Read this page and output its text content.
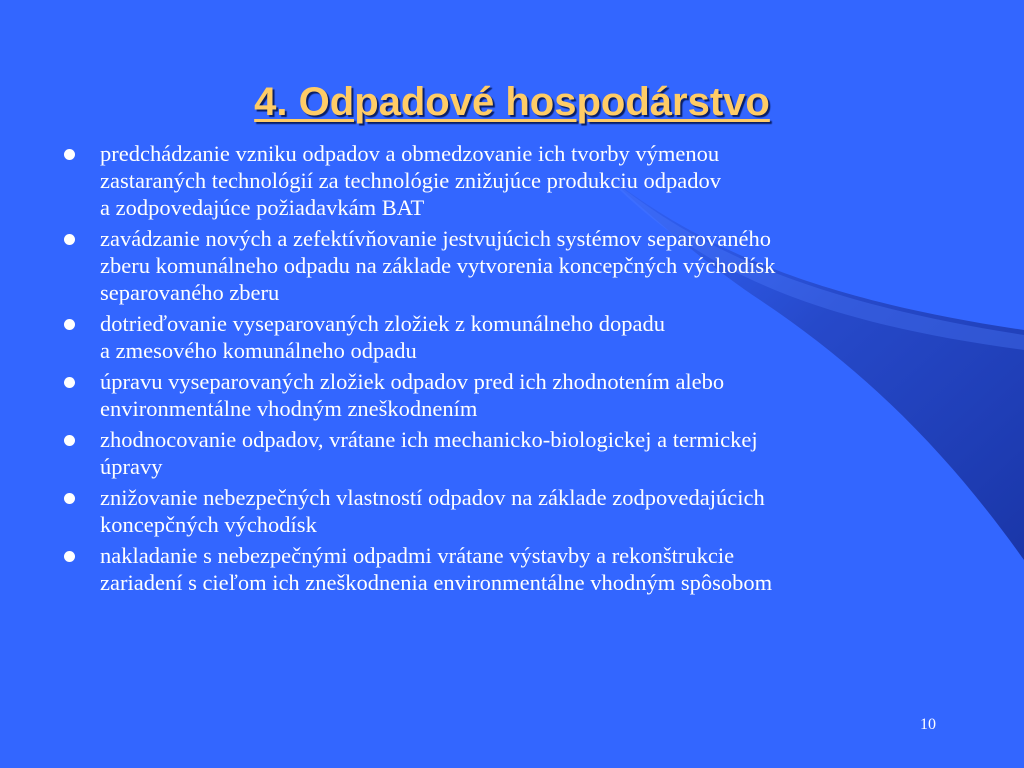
4. Odpadové hospodárstvo
predchádzanie vzniku odpadov a obmedzovanie ich tvorby výmenou
zastaraných technológií za technológie znižujúce produkciu odpadov
a zodpovedajúce požiadavkám BAT
zavádzanie nových a zefektívňovanie jestvujúcich systémov separovaného
zberu komunálneho odpadu na základe vytvorenia koncepčných východísk
separovaného zberu
dotrieďovanie vyseparovaných zložiek z komunálneho dopadu
a zmesového komunálneho odpadu
úpravu vyseparovaných zložiek odpadov pred ich zhodnotením alebo
environmentálne vhodným zneškodnením
zhodnocovanie odpadov, vrátane ich mechanicko-biologickej a termickej
úpravy
znižovanie nebezpečných vlastností odpadov na základe zodpovedajúcich
koncepčných východísk
nakladanie s nebezpečnými odpadmi vrátane výstavby a rekonštrukcie
zariadení s cieľom ich zneškodnenia environmentálne vhodným spôsobom
10
